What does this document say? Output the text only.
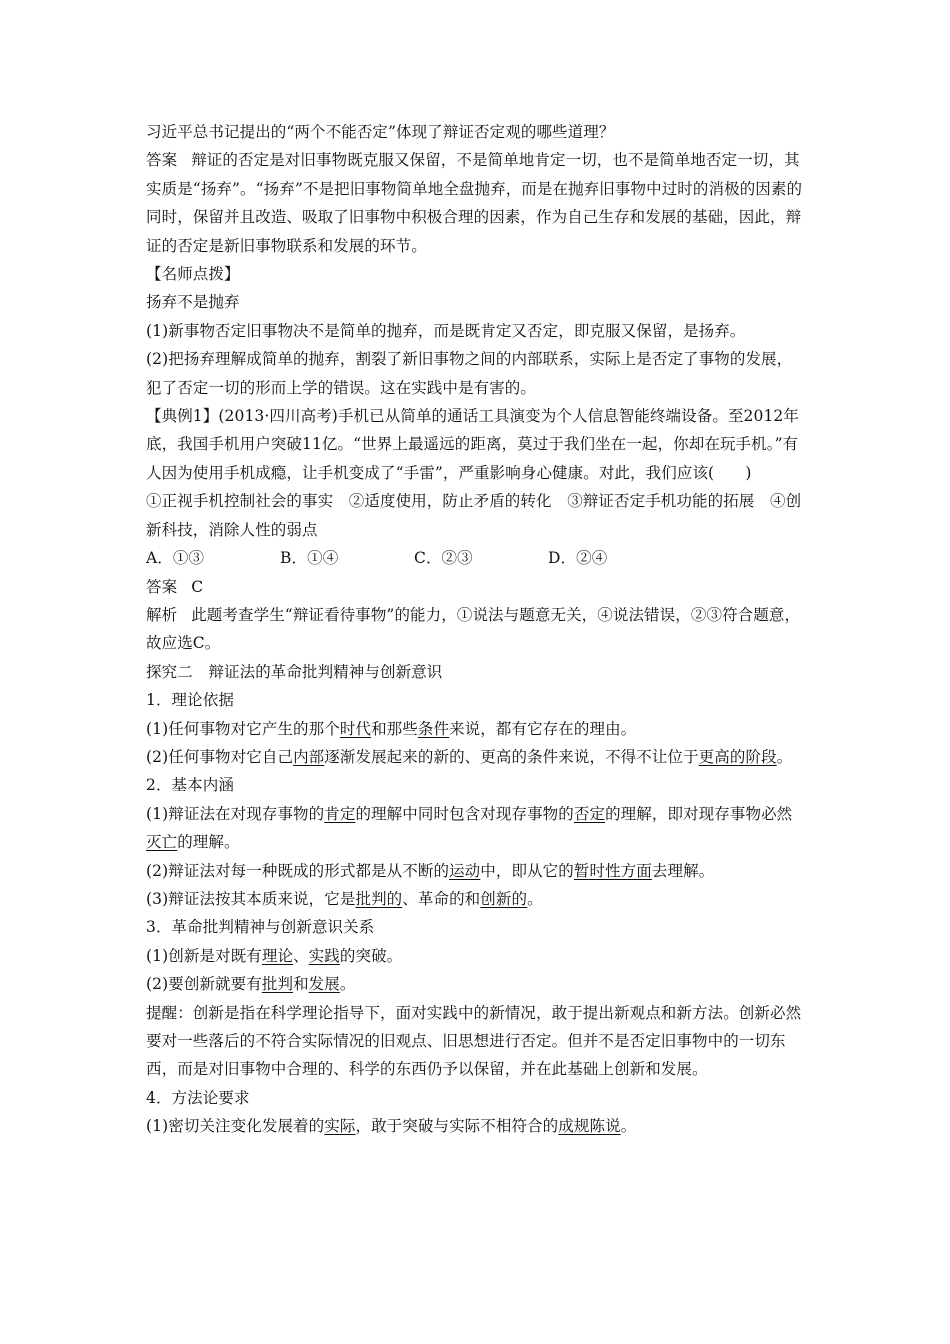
习近平总书记提出的“两个不能否定”体现了辩证否定观的哪些道理？

答案 辩证的否定是对旧事物既克服又保留，不是简单地肯定一切，也不是简单地否定一切，其实质是“扬弃”。“扬弃”不是把旧事物简单地全盘抛弃，而是在抛弃旧事物中过时的消极的因素的同时，保留并且改造、吸取了旧事物中积极合理的因素，作为自己生存和发展的基础，因此，辩证的否定是新旧事物联系和发展的环节。

【名师点拨】

扬弃不是抛弃

(1)新事物否定旧事物决不是简单的抛弃，而是既肯定又否定，即克服又保留，是扬弃。

(2)把扬弃理解成简单的抛弃，割裂了新旧事物之间的内部联系，实际上是否定了事物的发展，犯了否定一切的形而上学的错误。这在实践中是有害的。

【典例1】(2013·四川高考)手机已从简单的通话工具演变为个人信息智能终端设备。至2012年底，我国手机用户突破11亿。“世界上最遥远的距离，莫过于我们坐在一起，你却在玩手机。”有人因为使用手机成瘾，让手机变成了“手雷”，严重影响身心健康。对此，我们应该(　　)

①正视手机控制社会的事实　②适度使用，防止矛盾的转化　③辩证否定手机功能的拓展　④创新科技，消除人性的弱点

A．①③	B．①④	C．②③	D．②④

答案 C

解析 此题考查学生“辩证看待事物”的能力，①说法与题意无关，④说法错误，②③符合题意，故应选C。

探究二　辩证法的革命批判精神与创新意识

1．理论依据

(1)任何事物对它产生的那个时代和那些条件来说，都有它存在的理由。

(2)任何事物对它自己内部逐渐发展起来的新的、更高的条件来说，不得不让位于更高的阶段。

2．基本内涵

(1)辩证法在对现存事物的肯定的理解中同时包含对现存事物的否定的理解，即对现存事物必然灭亡的理解。

(2)辩证法对每一种既成的形式都是从不断的运动中，即从它的暂时性方面去理解。

(3)辩证法按其本质来说，它是批判的、革命的和创新的。

3．革命批判精神与创新意识关系

(1)创新是对既有理论、实践的突破。

(2)要创新就要有批判和发展。

提醒：创新是指在科学理论指导下，面对实践中的新情况，敢于提出新观点和新方法。创新必然要对一些落后的不符合实际情况的旧观点、旧思想进行否定。但并不是否定旧事物中的一切东西，而是对旧事物中合理的、科学的东西仍予以保留，并在此基础上创新和发展。

4．方法论要求

(1)密切关注变化发展着的实际，敢于突破与实际不相符合的成规陈说。
